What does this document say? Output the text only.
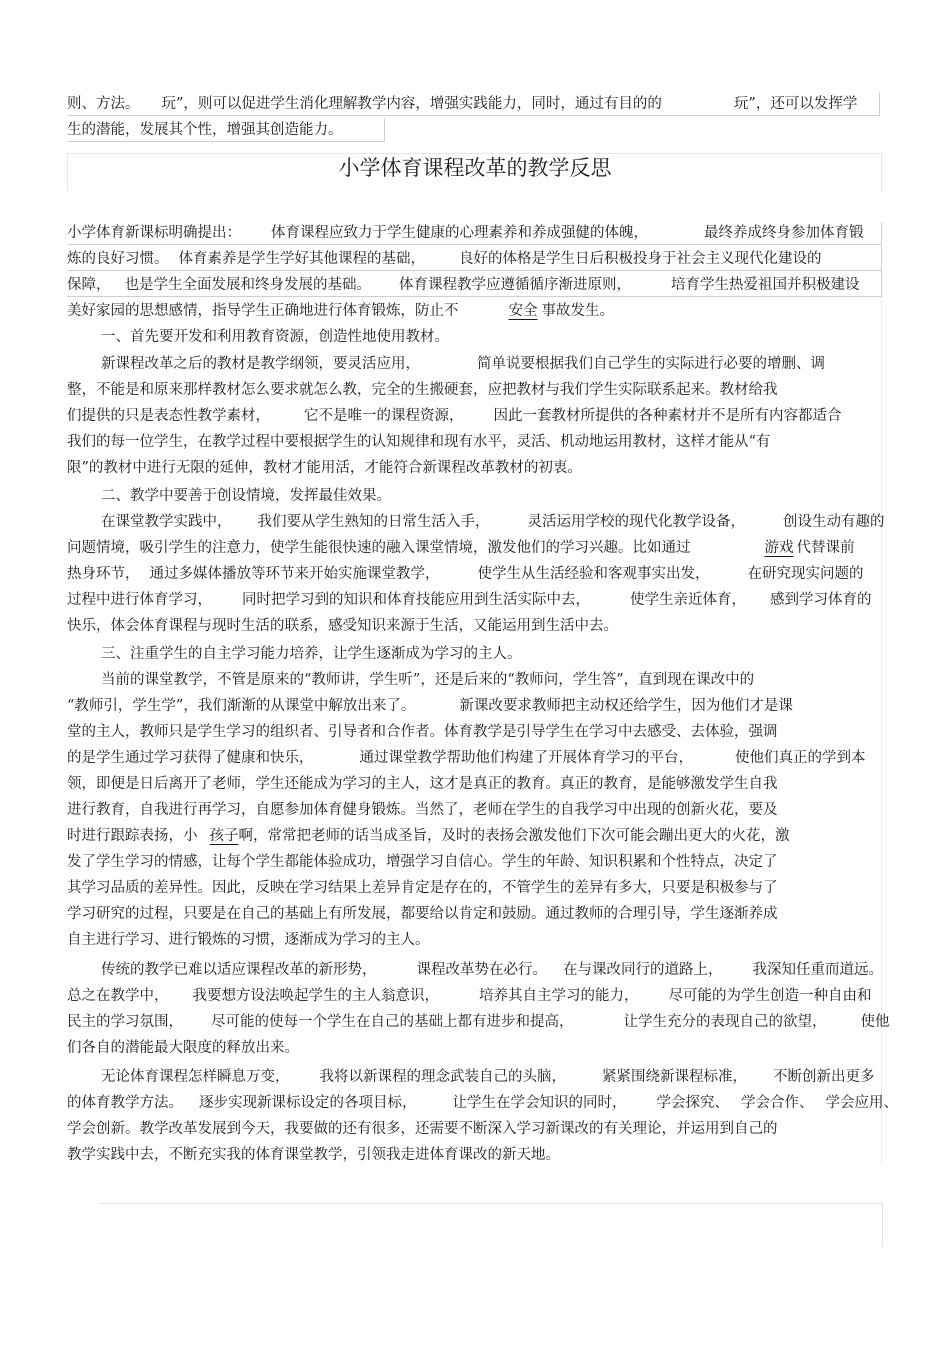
则、方法。 玩”，则可以促进学生消化理解教学内容，增强实践能力，同时，通过有目的的	玩”，还可以发挥学
生的潜能，发展其个性，增强其创造能力。
小学体育课程改革的教学反思
小学体育新课标明确提出： 体育课程应致力于学生健康的心理素养和养成强健的体魄，	最终养成终身参加体育锻
炼的良好习惯。 体育素养是学生学好其他课程的基础， 良好的体格是学生日后积极投身于社会主义现代化建设的
保障， 也是学生全面发展和终身发展的基础。 体育课程教学应遵循循序渐进原则，	培育学生热爱祖国并积极建设
美好家园的思想感情，指导学生正确地进行体育锻炼，防止不	安全 事故发生。
一、首先要开发和利用教育资源，创造性地使用教材。
新课程改革之后的教材是教学纲领，要灵活应用，	简单说要根据我们自己学生的实际进行必要的增删、调
整，不能是和原来那样教材怎么要求就怎么教，完全的生搬硬套，应把教材与我们学生实际联系起来。教材给我
们提供的只是表态性教学素材， 它不是唯一的课程资源， 因此一套教材所提供的各种素材并不是所有内容都适合
我们的每一位学生，在教学过程中要根据学生的认知规律和现有水平，灵活、机动地运用教材，这样才能从“有
限”的教材中进行无限的延伸，教材才能用活，才能符合新课程改革教材的初衷。
二、教学中要善于创设情境，发挥最佳效果。
在课堂教学实践中， 我们要从学生熟知的日常生活入手，	灵活运用学校的现代化教学设备，	创设生动有趣的
问题情境，吸引学生的注意力，使学生能很快速的融入课堂情境，激发他们的学习兴趣。比如通过	游戏 代替课前
热身环节， 通过多媒体播放等环节来开始实施课堂教学，	使学生从生活经验和客观事实出发，	在研究现实问题的
过程中进行体育学习， 同时把学习到的知识和体育技能应用到生活实际中去，	使学生亲近体育， 感到学习体育的
快乐，体会体育课程与现时生活的联系，感受知识来源于生活，又能运用到生活中去。
三、注重学生的自主学习能力培养，让学生逐渐成为学习的主人。
当前的课堂教学，不管是原来的“教师讲，学生听”，还是后来的“教师问，学生答”，直到现在课改中的
“教师引，学生学”，我们渐渐的从课堂中解放出来了。	新课改要求教师把主动权还给学生，因为他们才是课
堂的主人，教师只是学生学习的组织者、引导者和合作者。体育教学是引导学生在学习中去感受、去体验，强调
的是学生通过学习获得了健康和快乐，	通过课堂教学帮助他们构建了开展体育学习的平台，	使他们真正的学到本
领，即便是日后离开了老师，学生还能成为学习的主人，这才是真正的教育。真正的教育，是能够激发学生自我
进行教育，自我进行再学习，自愿参加体育健身锻炼。当然了，老师在学生的自我学习中出现的创新火花，要及
时进行跟踪表扬，小 孩子啊，常常把老师的话当成圣旨，及时的表扬会激发他们下次可能会蹦出更大的火花，激
发了学生学习的情感，让每个学生都能体验成功，增强学习自信心。学生的年龄、知识积累和个性特点，决定了
其学习品质的差异性。因此，反映在学习结果上差异肯定是存在的，不管学生的差异有多大，只要是积极参与了
学习研究的过程，只要是在自己的基础上有所发展，都要给以肯定和鼓励。通过教师的合理引导，学生逐渐养成
自主进行学习、进行锻炼的习惯，逐渐成为学习的主人。
传统的教学已难以适应课程改革的新形势，	课程改革势在必行。 在与课改同行的道路上， 我深知任重而道远。
总之在教学中， 我要想方设法唤起学生的主人翁意识，	培养其自主学习的能力， 尽可能的为学生创造一种自由和
民主的学习氛围， 尽可能的使每一个学生在自己的基础上都有进步和提高，	让学生充分的表现自己的欲望， 使他
们各自的潜能最大限度的释放出来。
无论体育课程怎样瞬息万变， 我将以新课程的理念武装自己的头脑， 紧紧围绕新课程标准， 不断创新出更多
的体育教学方法。 逐步实现新课标设定的各项目标， 让学生在学会知识的同时， 学会探究、 学会合作、 学会应用、
学会创新。教学改革发展到今天，我要做的还有很多，还需要不断深入学习新课改的有关理论，并运用到自己的
教学实践中去，不断充实我的体育课堂教学，引领我走进体育课改的新天地。
